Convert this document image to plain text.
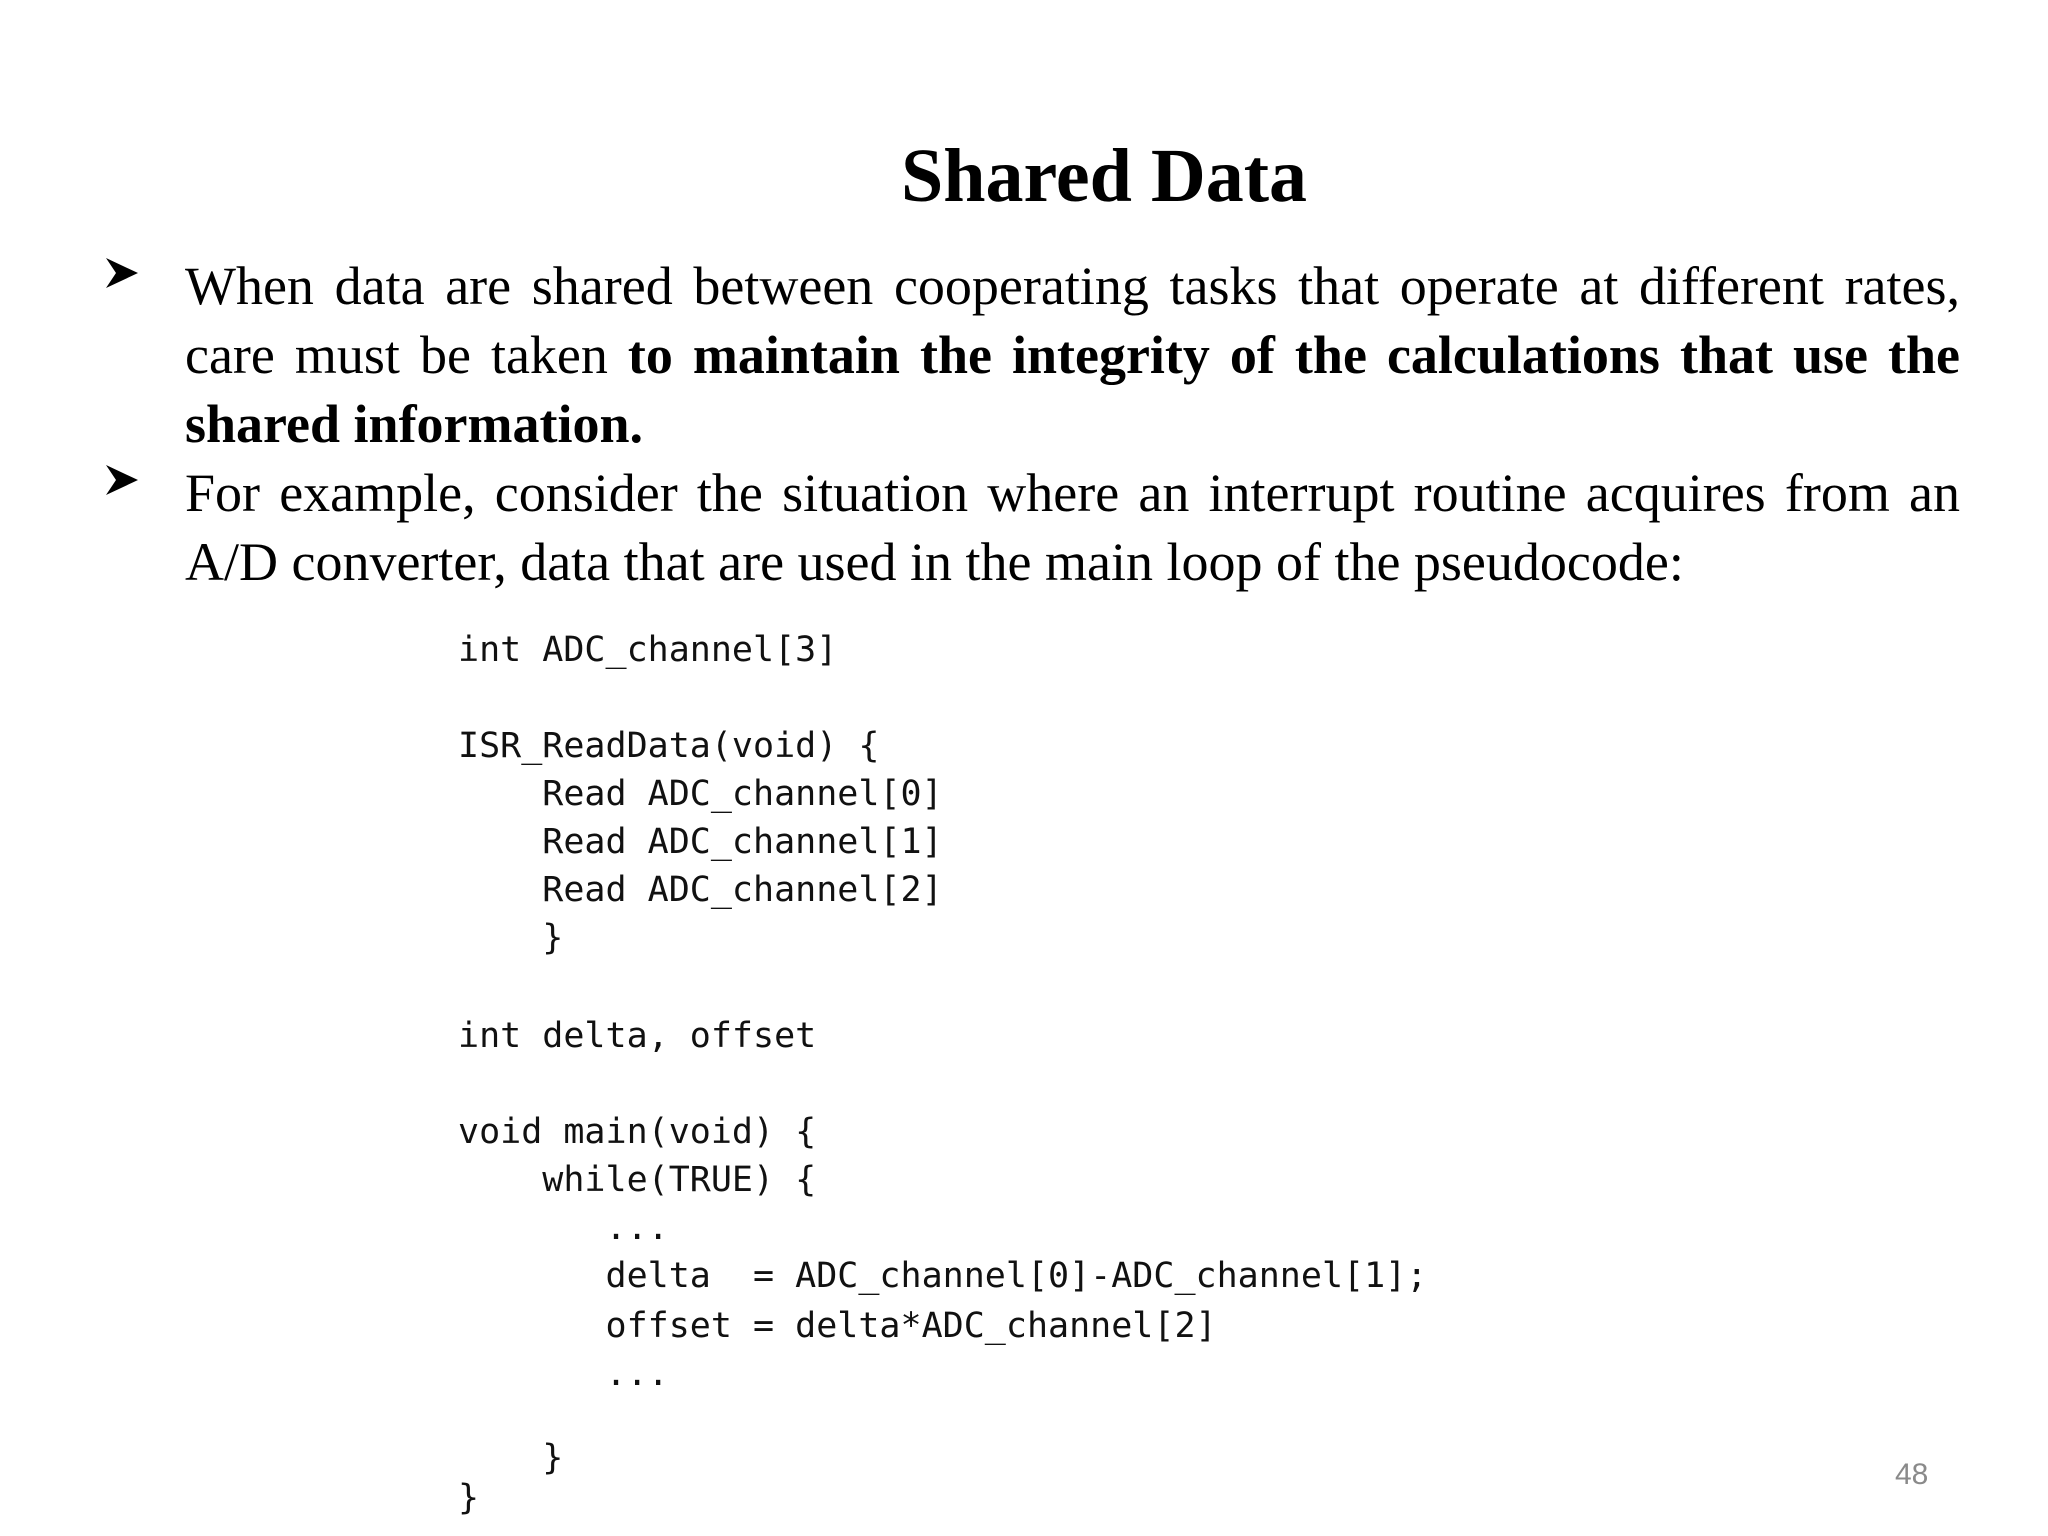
Shared Data
When data are shared between cooperating tasks that operate at different rates, care must be taken to maintain the integrity of the calculations that use the shared information.
For example, consider the situation where an interrupt routine acquires from an A/D converter, data that are used in the main loop of the pseudocode:

int ADC_channel[3]

ISR_ReadData(void) {

Read ADC_channel[0]

Read ADC_channel[1]

Read ADC_channel[2]

}

int delta, offset

void main(void) {

while(TRUE) {

...

delta  = ADC_channel[0]-ADC_channel[1];

offset = delta*ADC_channel[2]

...

}

}

48
